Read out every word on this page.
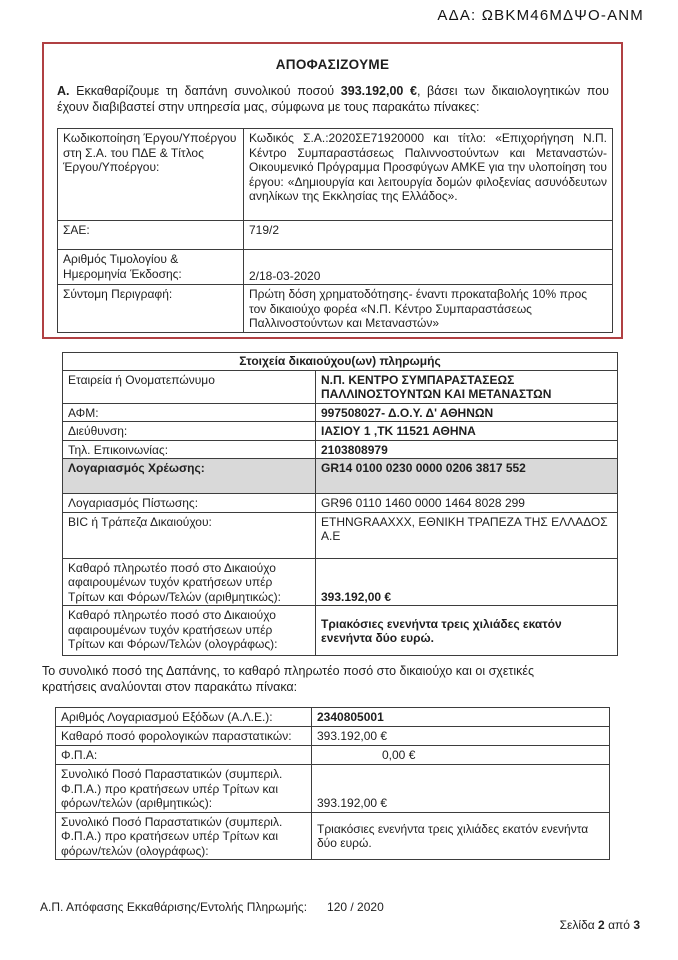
ΑΔΑ: ΩΒΚΜ46ΜΔΨΟ-ΑΝΜ
ΑΠΟΦΑΣΙΖΟΥΜΕ

Α. Εκκαθαρίζουμε τη δαπάνη συνολικού ποσού 393.192,00 €, βάσει των δικαιολογητικών που έχουν διαβιβαστεί στην υπηρεσία μας, σύμφωνα με τους παρακάτω πίνακες:

Κωδικοποίηση Έργου/Υποέργου στη Σ.Α. του ΠΔΕ & Τίτλος Έργου/Υποέργου:	Κωδικός Σ.Α.:2020ΣΕ71920000 και τίτλο: «Επιχορήγηση Ν.Π. Κέντρο Συμπαραστάσεως Παλιννοστούντων και Μεταναστών- Οικουμενικό Πρόγραμμα Προσφύγων ΑΜΚΕ για την υλοποίηση του έργου: «Δημιουργία και λειτουργία δομών φιλοξενίας ασυνόδευτων ανηλίκων της Εκκλησίας της Ελλάδος».
ΣΑΕ:	719/2
Αριθμός Τιμολογίου & Ημερομηνία Έκδοσης:	2/18-03-2020
Σύντομη Περιγραφή:	Πρώτη δόση χρηματοδότησης- έναντι προκαταβολής 10% προς τον δικαιούχο φορέα «Ν.Π. Κέντρο Συμπαραστάσεως Παλλινοστούντων και Μεταναστών»
Στοιχεία δικαιούχου(ων) πληρωμής	
Εταιρεία ή Ονοματεπώνυμο	Ν.Π. ΚΕΝΤΡΟ ΣΥΜΠΑΡΑΣΤΑΣΕΩΣ ΠΑΛΛΙΝΟΣΤΟΥΝΤΩΝ ΚΑΙ ΜΕΤΑΝΑΣΤΩΝ
ΑΦΜ:	997508027- Δ.Ο.Υ. Δ' ΑΘΗΝΩΝ
Διεύθυνση:	ΙΑΣΙΟΥ 1 ,ΤΚ 11521 ΑΘΗΝΑ
Τηλ. Επικοινωνίας:	2103808979
Λογαριασμός Χρέωσης:	GR14 0100 0230 0000 0206 3817 552
Λογαριασμός Πίστωσης:	GR96 0110 1460 0000 1464 8028 299
BIC ή Τράπεζα Δικαιούχου:	ETHNGRAAXXX, ΕΘΝΙΚΗ ΤΡΑΠΕΖΑ ΤΗΣ ΕΛΛΑΔΟΣ Α.Ε
Καθαρό πληρωτέο ποσό στο Δικαιούχο αφαιρουμένων τυχόν κρατήσεων υπέρ Τρίτων και Φόρων/Τελών (αριθμητικώς):	393.192,00 €
Καθαρό πληρωτέο ποσό στο Δικαιούχο αφαιρουμένων τυχόν κρατήσεων υπέρ Τρίτων και Φόρων/Τελών (ολογράφως):	Τριακόσιες ενενήντα τρεις χιλιάδες εκατόν ενενήντα δύο ευρώ.

Το συνολικό ποσό της Δαπάνης, το καθαρό πληρωτέο ποσό στο δικαιούχο και οι σχετικές κρατήσεις αναλύονται στον παρακάτω πίνακα:

Αριθμός Λογαριασμού Εξόδων (Α.Λ.Ε.):	2340805001
Καθαρό ποσό φορολογικών παραστατικών:	393.192,00 €
Φ.Π.Α:	0,00 €
Συνολικό Ποσό Παραστατικών (συμπεριλ. Φ.Π.Α.) προ κρατήσεων υπέρ Τρίτων και φόρων/τελών (αριθμητικώς):	393.192,00 €
Συνολικό Ποσό Παραστατικών (συμπεριλ. Φ.Π.Α.) προ κρατήσεων υπέρ Τρίτων και φόρων/τελών (ολογράφως):	Τριακόσιες ενενήντα τρεις χιλιάδες εκατόν ενενήντα δύο ευρώ.
Α.Π. Απόφασης Εκκαθάρισης/Εντολής Πληρωμής: 120 / 2020
Σελίδα 2 από 3
